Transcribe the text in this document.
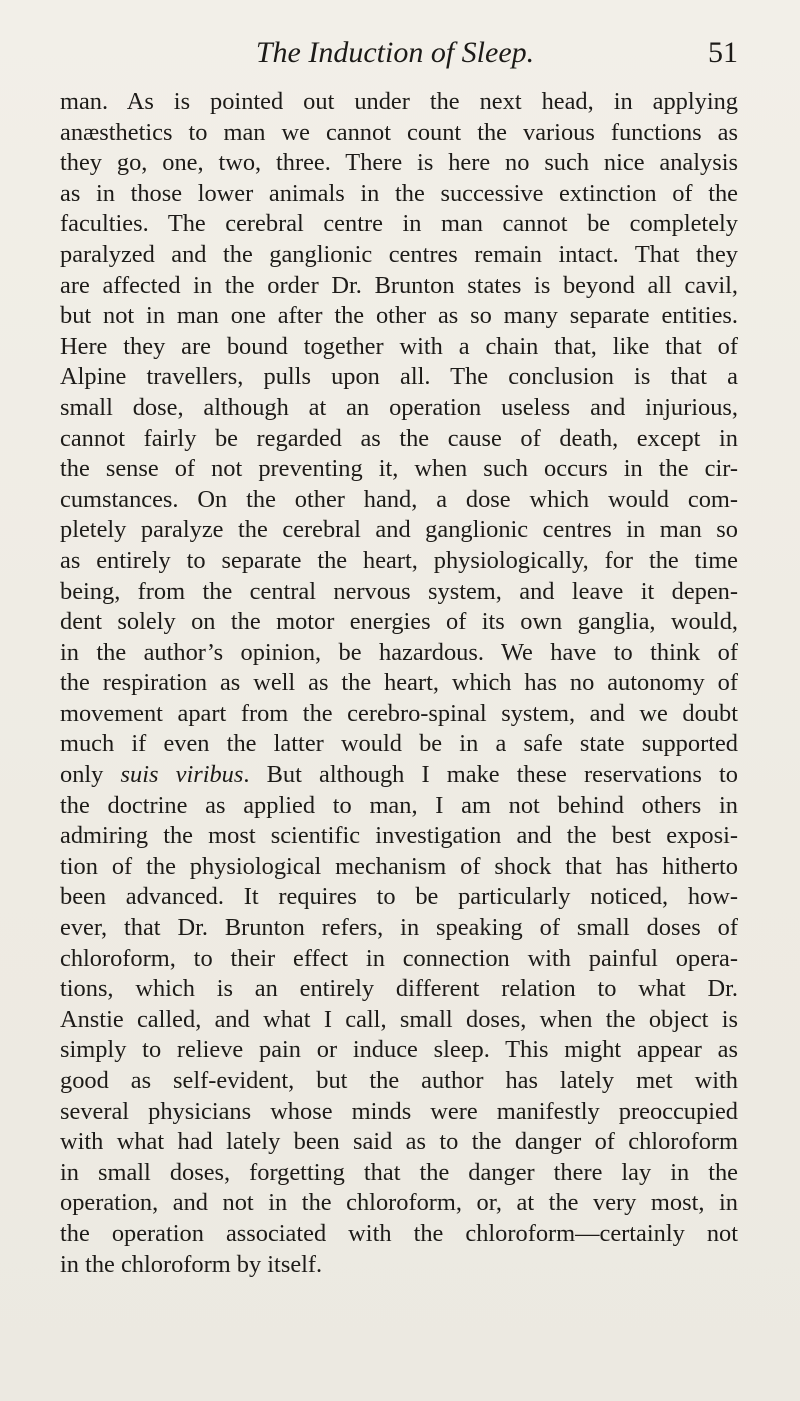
The Induction of Sleep.	51
man. As is pointed out under the next head, in applying
anæsthetics to man we cannot count the various functions as
they go, one, two, three. There is here no such nice analysis
as in those lower animals in the successive extinction of the
faculties. The cerebral centre in man cannot be completely
paralyzed and the ganglionic centres remain intact. That they
are affected in the order Dr. Brunton states is beyond all cavil,
but not in man one after the other as so many separate entities.
Here they are bound together with a chain that, like that of
Alpine travellers, pulls upon all. The conclusion is that a
small dose, although at an operation useless and injurious,
cannot fairly be regarded as the cause of death, except in
the sense of not preventing it, when such occurs in the cir-
cumstances. On the other hand, a dose which would com-
pletely paralyze the cerebral and ganglionic centres in man so
as entirely to separate the heart, physiologically, for the time
being, from the central nervous system, and leave it depen-
dent solely on the motor energies of its own ganglia, would,
in the author’s opinion, be hazardous. We have to think of
the respiration as well as the heart, which has no autonomy of
movement apart from the cerebro-spinal system, and we doubt
much if even the latter would be in a safe state supported
only suis viribus. But although I make these reservations to
the doctrine as applied to man, I am not behind others in
admiring the most scientific investigation and the best exposi-
tion of the physiological mechanism of shock that has hitherto
been advanced. It requires to be particularly noticed, how-
ever, that Dr. Brunton refers, in speaking of small doses of
chloroform, to their effect in connection with painful opera-
tions, which is an entirely different relation to what Dr.
Anstie called, and what I call, small doses, when the object is
simply to relieve pain or induce sleep. This might appear as
good as self-evident, but the author has lately met with
several physicians whose minds were manifestly preoccupied
with what had lately been said as to the danger of chloroform
in small doses, forgetting that the danger there lay in the
operation, and not in the chloroform, or, at the very most, in
the operation associated with the chloroform—certainly not
in the chloroform by itself.
